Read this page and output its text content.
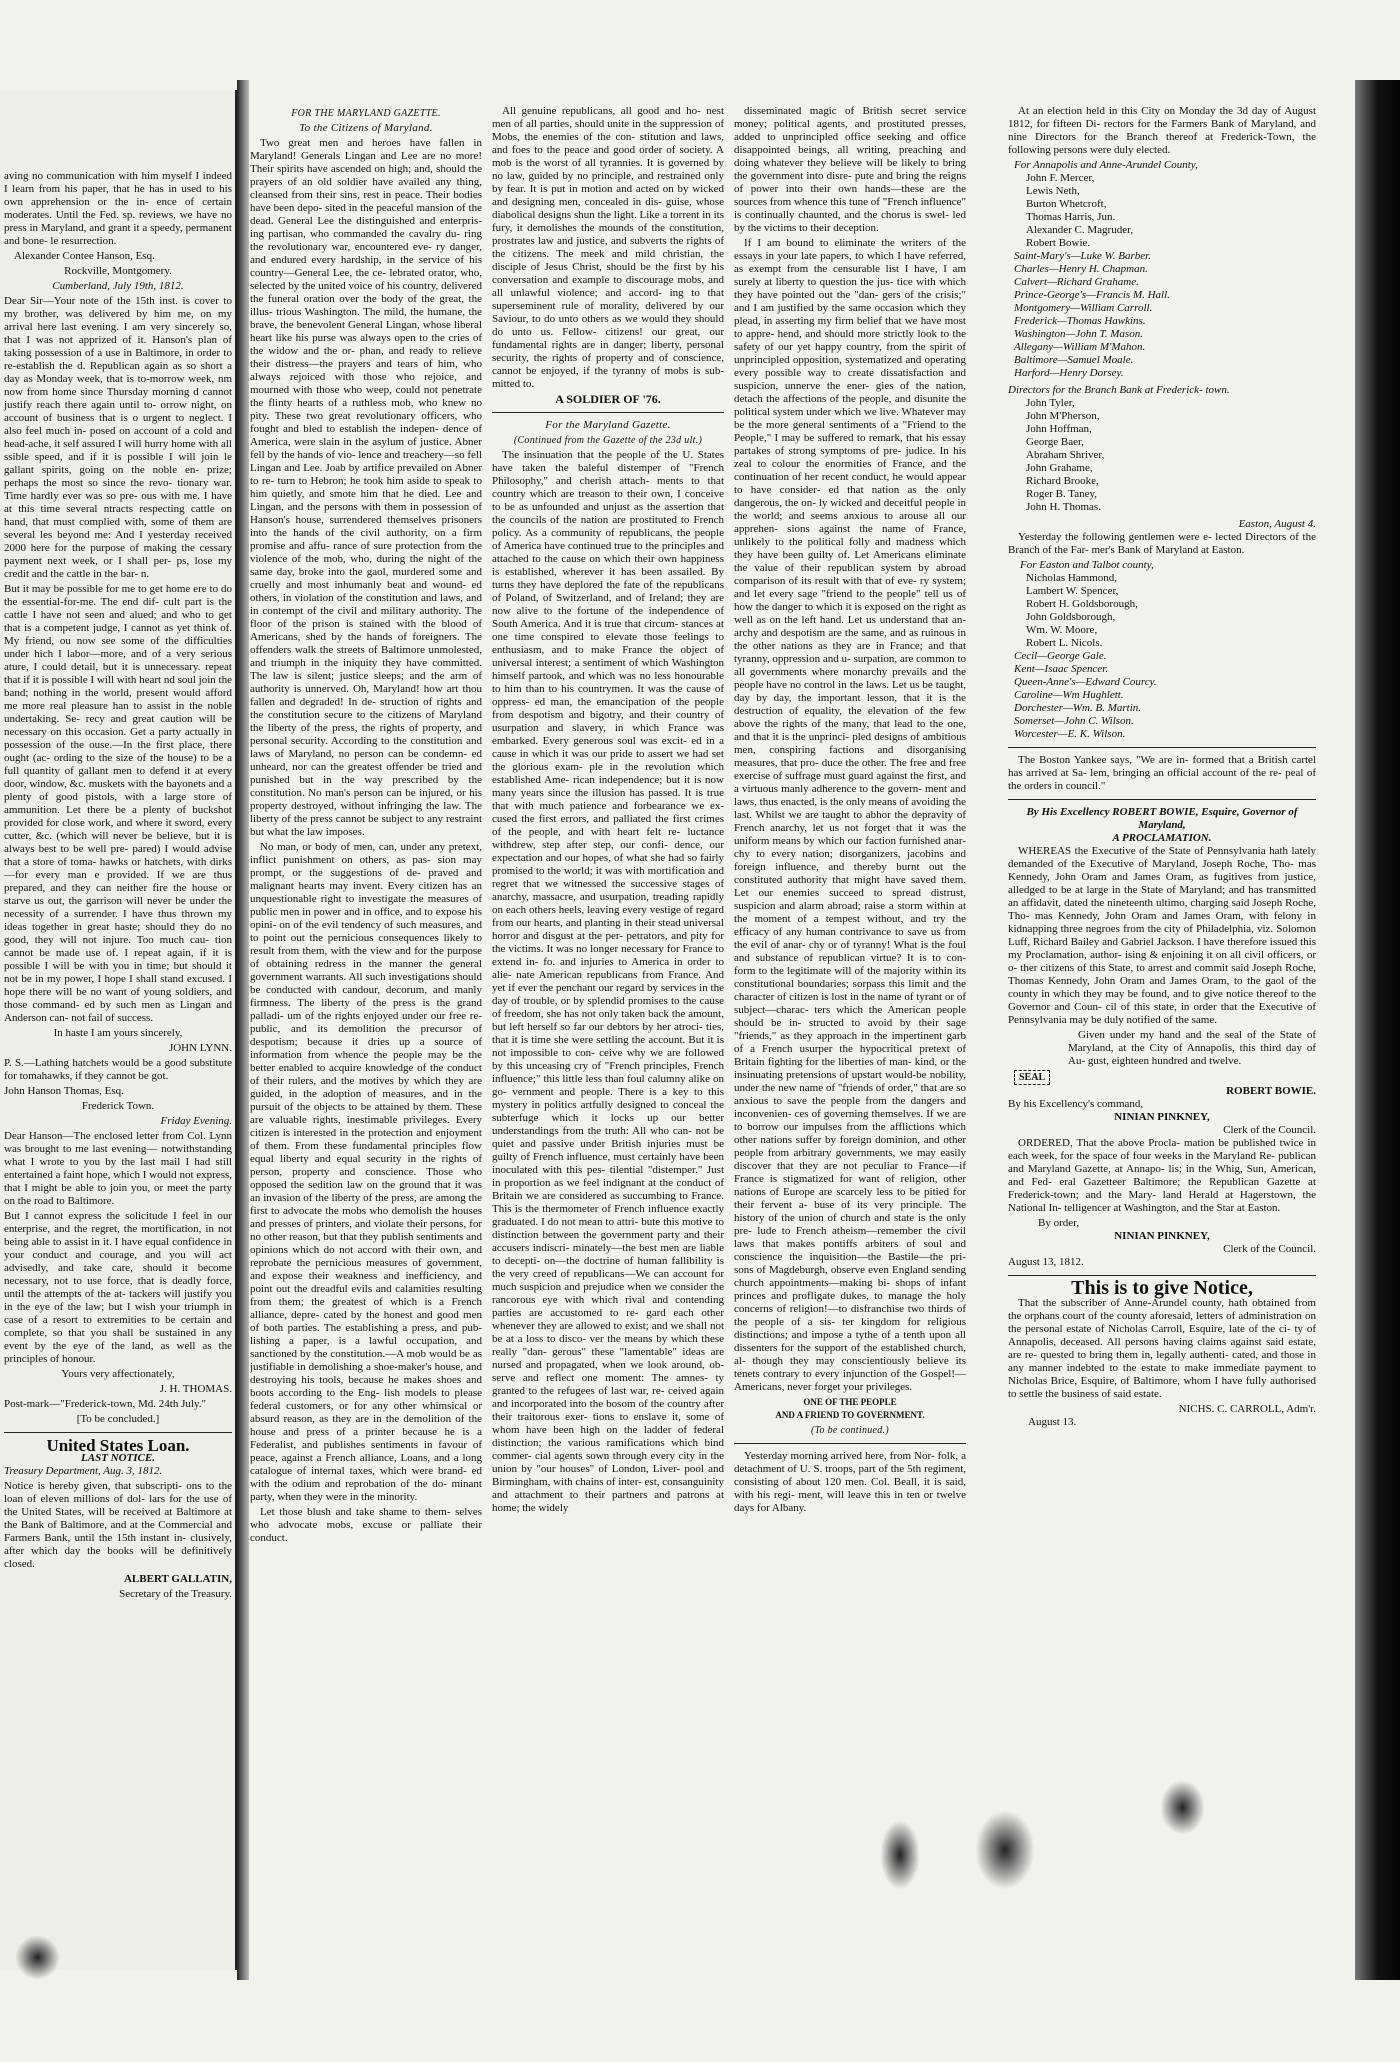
aving no communication with him myself I indeed I learn from his paper, that he has in used to his own apprehension or the in- ence of certain moderates. Until the Fed. sp. reviews, we have no press in Maryland, and grant it a speedy, permanent and bone- le resurrection.

Alexander Contee Hanson, Esq.

Rockville, Montgomery.

Cumberland, July 19th, 1812.

Dear Sir—Your note of the 15th inst. is cover to my brother, was delivered by him me, on my arrival here last evening. I am very sincerely so, that I was not apprized of it. Hanson's plan of taking possession of a use in Baltimore, in order to re-establish the d. Republican again as so short a day as Monday week, that is to-morrow week, nm now from home since Thursday morning d cannot justify reach there again until to- orrow night, on account of business that is o urgent to neglect. I also feel much in- posed on account of a cold and head-ache, it self assured I will hurry home with all ssible speed, and if it is possible I will join le gallant spirits, going on the noble en- prize; perhaps the most so since the revo- tionary war. Time hardly ever was so pre- ous with me. I have at this time several ntracts respecting cattle on hand, that must complied with, some of them are several les beyond me: And I yesterday received 2000 here for the purpose of making the cessary payment next week, or I shall per- ps, lose my credit and the cattle in the bar- n.

But it may be possible for me to get home ere to do the essential-for-me. The end dif- cult part is the cattle I have not seen and alued; and who to get that is a competent judge, I cannot as yet think of. My friend, ou now see some of the difficulties under hich I labor—more, and of a very serious ature, I could detail, but it is unnecessary. repeat that if it is possible I will with heart nd soul join the band; nothing in the world, present would afford me more real pleasure han to assist in the noble undertaking. Se- recy and great caution will be necessary on this occasion. Get a party actually in possession of the ouse.—In the first place, there ought (ac- ording to the size of the house) to be a full quantity of gallant men to defend it at every door, window, &c. muskets with the bayonets and a plenty of good pistols, with a large store of ammunition. Let there be a plenty of buckshot provided for close work, and where it sword, every cutter, &c. (which will never be believe, but it is always best to be well pre- pared) I would advise that a store of toma- hawks or hatchets, with dirks—for every man e provided. If we are thus prepared, and they can neither fire the house or starve us out, the garrison will never be under the necessity of a surrender. I have thus thrown my ideas together in great haste; should they do no good, they will not injure. Too much cau- tion cannot be made use of. I repeat again, if it is possible I will be with you in time; but should it not be in my power, I hope I shall stand excused. I hope there will be no want of young soldiers, and those command- ed by such men as Lingan and Anderson can- not fail of success.

In haste I am yours sincerely,

JOHN LYNN.

P. S.—Lathing hatchets would be a good substitute for tomahawks, if they cannot be got.

John Hanson Thomas, Esq.

Frederick Town.

Friday Evening.

Dear Hanson—The enclosed letter from Col. Lynn was brought to me last evening— notwithstanding what I wrote to you by the last mail I had still entertained a faint hope, which I would not express, that I might be able to join you, or meet the party on the road to Baltimore.

But I cannot express the solicitude I feel in our enterprise, and the regret, the mortification, in not being able to assist in it. I have equal confidence in your conduct and courage, and you will act advisedly, and take care, should it become necessary, not to use force, that is deadly force, until the attempts of the at- tackers will justify you in the eye of the law; but I wish your triumph in case of a resort to extremities to be certain and complete, so that you shall be sustained in any event by the eye of the land, as well as the principles of honour.

Yours very affectionately,

J. H. THOMAS.

Post-mark—"Frederick-town, Md. 24th July."

[To be concluded.]

United States Loan.
LAST NOTICE.

Treasury Department, Aug. 3, 1812.

Notice is hereby given, that subscripti- ons to the loan of eleven millions of dol- lars for the use of the United States, will be received at Baltimore at the Bank of Baltimore, and at the Commercial and Farmers Bank, until the 15th instant in- clusively, after which day the books will be definitively closed.

ALBERT GALLATIN,

Secretary of the Treasury.

FOR THE MARYLAND GAZETTE.
To the Citizens of Maryland.

Two great men and heroes have fallen in Maryland! Generals Lingan and Lee are no more! Their spirits have ascended on high; and, should the prayers of an old soldier have availed any thing, cleansed from their sins, rest in peace. Their bodies have been depo- sited in the peaceful mansion of the dead. General Lee the distinguished and enterpris- ing partisan, who commanded the cavalry du- ring the revolutionary war, encountered eve- ry danger, and endured every hardship, in the service of his country—General Lee, the ce- lebrated orator, who, selected by the united voice of his country, delivered the funeral oration over the body of the great, the illus- trious Washington. The mild, the humane, the brave, the benevolent General Lingan, whose liberal heart like his purse was always open to the cries of the widow and the or- phan, and ready to relieve their distress—the prayers and tears of him, who always rejoiced with those who rejoice, and mourned with those who weep, could not penetrate the flinty hearts of a ruthless mob, who knew no pity. These two great revolutionary officers, who fought and bled to establish the indepen- dence of America, were slain in the asylum of justice. Abner fell by the hands of vio- lence and treachery—so fell Lingan and Lee. Joab by artifice prevailed on Abner to re- turn to Hebron; he took him aside to speak to him quietly, and smote him that he died. Lee and Lingan, and the persons with them in possession of Hanson's house, surrendered themselves prisoners into the hands of the civil authority, on a firm promise and affu- rance of sure protection from the violence of the mob, who, during the night of the same day, broke into the gaol, murdered some and cruelly and most inhumanly beat and wound- ed others, in violation of the constitution and laws, and in contempt of the civil and military authority. The floor of the prison is stained with the blood of Americans, shed by the hands of foreigners. The offenders walk the streets of Baltimore unmolested, and triumph in the iniquity they have committed. The law is silent; justice sleeps; and the arm of authority is unnerved. Oh, Maryland! how art thou fallen and degraded! In de- struction of rights and the constitution secure to the citizens of Maryland the liberty of the press, the rights of property, and personal security. According to the constitution and laws of Maryland, no person can be condemn- ed unheard, nor can the greatest offender be tried and punished but in the way prescribed by the constitution. No man's person can be injured, or his property destroyed, without infringing the law. The liberty of the press cannot be subject to any restraint but what the law imposes.

No man, or body of men, can, under any pretext, inflict punishment on others, as pas- sion may prompt, or the suggestions of de- praved and malignant hearts may invent. Every citizen has an unquestionable right to investigate the measures of public men in power and in office, and to expose his opini- on of the evil tendency of such measures, and to point out the pernicious consequences likely to result from them, with the view and for the purpose of obtaining redress in the manner the general government warrants. All such investigations should be conducted with candour, decorum, and manly firmness. The liberty of the press is the grand palladi- um of the rights enjoyed under our free re- public, and its demolition the precursor of despotism; because it dries up a source of information from whence the people may be the better enabled to acquire knowledge of the conduct of their rulers, and the motives by which they are guided, in the adoption of measures, and in the pursuit of the objects to be attained by them. These are valuable rights, inestimable privileges. Every citizen is interested in the protection and enjoyment of them. From these fundamental principles flow equal liberty and equal security in the rights of person, property and conscience. Those who opposed the sedition law on the ground that it was an invasion of the liberty of the press, are among the first to advocate the mobs who demolish the houses and presses of printers, and violate their persons, for no other reason, but that they publish sentiments and opinions which do not accord with their own, and reprobate the pernicious measures of government, and expose their weakness and inefficiency, and point out the dreadful evils and calamities resulting from them; the greatest of which is a French alliance, depre- cated by the honest and good men of both parties. The establishing a press, and pub- lishing a paper, is a lawful occupation, and sanctioned by the constitution.—A mob would be as justifiable in demolishing a shoe-maker's house, and destroying his tools, because he makes shoes and boots according to the Eng- lish models to please federal customers, or for any other whimsical or absurd reason, as they are in the demolition of the house and press of a printer because he is a Federalist, and publishes sentiments in favour of peace, against a French alliance, Loans, and a long catalogue of internal taxes, which were brand- ed with the odium and reprobation of the do- minant party, when they were in the minority.

Let those blush and take shame to them- selves who advocate mobs, excuse or palliate their conduct.

All genuine republicans, all good and ho- nest men of all parties, should unite in the suppression of Mobs, the enemies of the con- stitution and laws, and foes to the peace and good order of society. A mob is the worst of all tyrannies. It is governed by no law, guided by no principle, and restrained only by fear. It is put in motion and acted on by wicked and designing men, concealed in dis- guise, whose diabolical designs shun the light. Like a torrent in its fury, it demolishes the mounds of the constitution, prostrates law and justice, and subverts the rights of the citizens. The meek and mild christian, the disciple of Jesus Christ, should be the first by his conversation and example to discourage mobs, and all unlawful violence; and accord- ing to that superseminent rule of morality, delivered by our Saviour, to do unto others as we would they should do unto us. Fellow- citizens! our great, our fundamental rights are in danger; liberty, personal security, the rights of property and of conscience, cannot be enjoyed, if the tyranny of mobs is sub- mitted to.

A SOLDIER OF '76.
For the Maryland Gazette.
(Continued from the Gazette of the 23d ult.)

The insinuation that the people of the U. States have taken the baleful distemper of "French Philosophy," and cherish attach- ments to that country which are treason to their own, I conceive to be as unfounded and unjust as the assertion that the councils of the nation are prostituted to French policy. As a community of republicans, the people of America have continued true to the principles and attached to the cause on which their own happiness is established, wherever it has been assailed. By turns they have deplored the fate of the republicans of Poland, of Switzerland, and of Ireland; they are now alive to the fortune of the independence of South America. And it is true that circum- stances at one time conspired to elevate those feelings to enthusiasm, and to make France the object of universal interest; a sentiment of which Washington himself partook, and which was no less honourable to him than to his countrymen. It was the cause of oppress- ed man, the emancipation of the people from despotism and bigotry, and their country of usurpation and slavery, in which France was embarked. Every generous soul was excit- ed in a cause in which it was our pride to assert we had set the glorious exam- ple in the revolution which established Ame- rican independence; but it is now many years since the illusion has passed. It is true that with much patience and forbearance we ex- cused the first errors, and palliated the first crimes of the people, and with heart felt re- luctance withdrew, step after step, our confi- dence, our expectation and our hopes, of what she had so fairly promised to the world; it was with mortification and regret that we witnessed the successive stages of anarchy, massacre, and usurpation, treading rapidly on each others heels, leaving every vestige of regard from our hearts, and planting in their stead universal horror and disgust at the per- petrators, and pity for the victims. It was no longer necessary for France to extend in- fo. and injuries to America in order to alie- nate American republicans from France. And yet if ever the penchant our regard by services in the day of trouble, or by splendid promises to the cause of freedom, she has not only taken back the amount, but left herself so far our debtors by her atroci- ties, that it is time she were settling the account. But it is not impossible to con- ceive why we are followed by this unceasing cry of "French principles, French influence;" this little less than foul calumny alike on go- vernment and people. There is a key to this mystery in politics artfully designed to conceal the subterfuge which it locks up our better understandings from the truth: All who can- not be quiet and passive under British injuries must be guilty of French influence, must certainly have been inoculated with this pes- tilential "distemper." Just in proportion as we feel indignant at the conduct of Britain we are considered as succumbing to France. This is the thermometer of French influence exactly graduated. I do not mean to attri- bute this motive to distinction between the government party and their accusers indiscri- minately—the best men are liable to decepti- on—the doctrine of human fallibility is the very creed of republicans—We can account for much suspicion and prejudice when we consider the rancorous eye with which rival and contending parties are accustomed to re- gard each other whenever they are allowed to exist; and we shall not be at a loss to disco- ver the means by which these really "dan- gerous" these "lamentable" ideas are nursed and propagated, when we look around, ob- serve and reflect one moment: The amnes- ty granted to the refugees of last war, re- ceived again and incorporated into the bosom of the country after their traitorous exer- tions to enslave it, some of whom have been high on the ladder of federal distinction; the various ramifications which bind commer- cial agents sown through every city in the union by "our houses" of London, Liver- pool and Birmingham, with chains of inter- est, consanguinity and attachment to their partners and patrons at home; the widely

disseminated magic of British secret service money; political agents, and prostituted presses, added to unprincipled office seeking and office disappointed beings, all writing, preaching and doing whatever they believe will be likely to bring the government into disre- pute and bring the reigns of power into their own hands—these are the sources from whence this tune of "French influence" is continually chaunted, and the chorus is swel- led by the victims to their deception.

If I am bound to eliminate the writers of the essays in your late papers, to which I have referred, as exempt from the censurable list I have, I am surely at liberty to question the jus- tice with which they have pointed out the "dan- gers of the crisis;" and I am justified by the same occasion which they plead, in asserting my firm belief that we have most to appre- hend, and should more strictly look to the safety of our yet happy country, from the spirit of unprincipled opposition, systematized and operating every possible way to create dissatisfaction and suspicion, unnerve the ener- gies of the nation, detach the affections of the people, and disunite the political system under which we live. Whatever may be the more general sentiments of a "Friend to the People," I may be suffered to remark, that his essay partakes of strong symptoms of pre- judice. In his zeal to colour the enormities of France, and the continuation of her recent conduct, he would appear to have consider- ed that nation as the only dangerous, the on- ly wicked and deceitful people in the world; and seems anxious to arouse all our apprehen- sions against the name of France, unlikely to the political folly and madness which they have been guilty of. Let Americans eliminate the value of their republican system by abroad comparison of its result with that of eve- ry system; and let every sage "friend to the people" tell us of how the danger to which it is exposed on the right as well as on the left hand. Let us understand that an- archy and despotism are the same, and as ruinous in the other nations as they are in France; and that tyranny, oppression and u- surpation, are common to all governments where monarchy prevails and the people have no control in the laws. Let us be taught, day by day, the important lesson, that it is the destruction of equality, the elevation of the few above the rights of the many, that lead to the one, and that it is the unprinci- pled designs of ambitious men, conspiring factions and disorganising measures, that pro- duce the other. The free and free exercise of suffrage must guard against the first, and a virtuous manly adherence to the govern- ment and laws, thus enacted, is the only means of avoiding the last. Whilst we are taught to abhor the depravity of French anarchy, let us not forget that it was the uniform means by which our faction furnished anar- chy to every nation; disorganizers, jacobins and foreign influence, and thereby burnt out the constituted authority that might have saved them. Let our enemies succeed to spread distrust, suspicion and alarm abroad; raise a storm within at the moment of a tempest without, and try the efficacy of any human contrivance to save us from the evil of anar- chy or of tyranny! What is the foul and substance of republican virtue? It is to con- form to the legitimate will of the majority within its constitutional boundaries; sorpass this limit and the character of citizen is lost in the name of tyrant or of subject—charac- ters which the American people should be in- structed to avoid by their sage "friends," as they approach in the impertinent garb of a French usurper the hypocritical pretext of Britain fighting for the liberties of man- kind, or the insinuating pretensions of upstart would-be nobility, under the new name of "friends of order," that are so anxious to save the people from the dangers and inconvenien- ces of governing themselves. If we are to borrow our impulses from the afflictions which other nations suffer by foreign dominion, and other people from arbitrary governments, we may easily discover that they are not peculiar to France—if France is stigmatized for want of religion, other nations of Europe are scarcely less to be pitied for their fervent a- buse of its very principle. The history of the union of church and state is the only pre- lude to French atheism—remember the civil laws that makes pontiffs arbiters of soul and conscience the inquisition—the Bastile—the pri- sons of Magdeburgh, observe even England sending church appointments—making bi- shops of infant princes and profligate dukes, to manage the holy concerns of religion!—to disfranchise two thirds of the people of a sis- ter kingdom for religious distinctions; and impose a tythe of a tenth upon all dissenters for the support of the established church, al- though they may conscientiously believe its tenets contrary to every injunction of the Gospel!—Americans, never forget your privileges.

ONE OF THE PEOPLE
AND A FRIEND TO GOVERNMENT.
(To be continued.)

Yesterday morning arrived here, from Nor- folk, a detachment of U. S. troops, part of the 5th regiment, consisting of about 120 men. Col. Beall, it is said, with his regi- ment, will leave this in ten or twelve days for Albany.

At an election held in this City on Monday the 3d day of August 1812, for fifteen Di- rectors for the Farmers Bank of Maryland, and nine Directors for the Branch thereof at Frederick-Town, the following persons were duly elected.

For Annapolis and Anne-Arundel County,
John F. Mercer,
Lewis Neth,
Burton Whetcroft,
Thomas Harris, Jun.
Alexander C. Magruder,
Robert Bowie.
Saint-Mary's—Luke W. Barber.
Charles—Henry H. Chapman.
Calvert—Richard Grahame.
Prince-George's—Francis M. Hall.
Montgomery—William Carroll.
Frederick—Thomas Hawkins.
Washington—John T. Mason.
Allegany—William M'Mahon.
Baltimore—Samuel Moale.
Harford—Henry Dorsey.
Directors for the Branch Bank at Frederick- town.
John Tyler,
John M'Pherson,
John Hoffman,
George Baer,
Abraham Shriver,
John Grahame,
Richard Brooke,
Roger B. Taney,
John H. Thomas.
Easton, August 4.

Yesterday the following gentlemen were e- lected Directors of the Branch of the Far- mer's Bank of Maryland at Easton.

For Easton and Talbot county,
Nicholas Hammond,
Lambert W. Spencer,
Robert H. Goldsborough,
John Goldsborough,
Wm. W. Moore,
Robert L. Nicols.
Cecil—George Gale.
Kent—Isaac Spencer.
Queen-Anne's—Edward Courcy.
Caroline—Wm Hughlett.
Dorchester—Wm. B. Martin.
Somerset—John C. Wilson.
Worcester—E. K. Wilson.

The Boston Yankee says, "We are in- formed that a British cartel has arrived at Sa- lem, bringing an official account of the re- peal of the orders in council."

By His Excellency ROBERT BOWIE, Esquire, Governor of Maryland,
A PROCLAMATION.

WHEREAS the Executive of the State of Pennsylvania hath lately demanded of the Executive of Maryland, Joseph Roche, Tho- mas Kennedy, John Oram and James Oram, as fugitives from justice, alledged to be at large in the State of Maryland; and has transmitted an affidavit, dated the nineteenth ultimo, charging said Joseph Roche, Tho- mas Kennedy, John Oram and James Oram, with felony in kidnapping three negroes from the city of Philadelphia, viz. Solomon Luff, Richard Bailey and Gabriel Jackson. I have therefore issued this my Proclamation, author- ising & enjoining it on all civil officers, or o- ther citizens of this State, to arrest and commit said Joseph Roche, Thomas Kennedy, John Oram and James Oram, to the gaol of the county in which they may be found, and to give notice thereof to the Governor and Coun- cil of this state, in order that the Executive of Pennsylvania may be duly notified of the same.

Given under my hand and the seal of the State of Maryland, at the City of Annapolis, this third day of Au- gust, eighteen hundred and twelve.

SEAL
ROBERT BOWIE.
By his Excellency's command,
NINIAN PINKNEY,
Clerk of the Council.

ORDERED, That the above Procla- mation be published twice in each week, for the space of four weeks in the Maryland Re- publican and Maryland Gazette, at Annapo- lis; in the Whig, Sun, American, and Fed- eral Gazetteer Baltimore; the Republican Gazette at Frederick-town; and the Mary- land Herald at Hagerstown, the National In- telligencer at Washington, and the Star at Easton.

By order,
NINIAN PINKNEY,
Clerk of the Council.
August 13, 1812.
This is to give Notice,

That the subscriber of Anne-Arundel county, hath obtained from the orphans court of the county aforesaid, letters of administration on the personal estate of Nicholas Carroll, Esquire, late of the ci- ty of Annapolis, deceased. All persons having claims against said estate, are re- quested to bring them in, legally authenti- cated, and those in any manner indebted to the estate to make immediate payment to Nicholas Brice, Esquire, of Baltimore, whom I have fully authorised to settle the business of said estate.

NICHS. C. CARROLL, Adm'r.
August 13.
